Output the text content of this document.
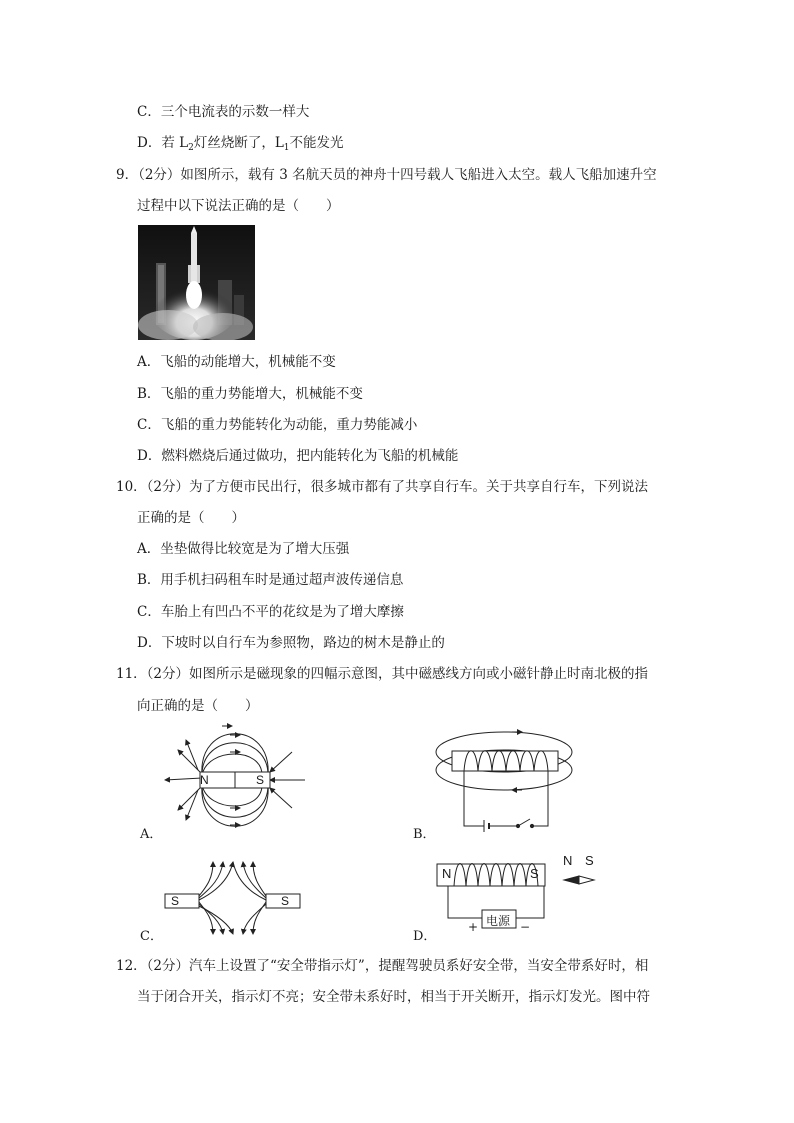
C．三个电流表的示数一样大
D．若 $L_2$灯丝烧断了，$L_1$不能发光
9．（2分）如图所示，载有 3 名航天员的神舟十四号载人飞船进入太空。载人飞船加速升空
过程中以下说法正确的是（　　）
A．飞船的动能增大，机械能不变
B．飞船的重力势能增大，机械能不变
C．飞船的重力势能转化为动能，重力势能减小
D．燃料燃烧后通过做功，把内能转化为飞船的机械能
10．（2分）为了方便市民出行，很多城市都有了共享自行车。关于共享自行车，下列说法
正确的是（　　）
A．坐垫做得比较宽是为了增大压强
B．用手机扫码租车时是通过超声波传递信息
C．车胎上有凹凸不平的花纹是为了增大摩擦
D．下坡时以自行车为参照物，路边的树木是静止的
11．（2分）如图所示是磁现象的四幅示意图，其中磁感线方向或小磁针静止时南北极的指
向正确的是（　　）
N	S
A．	B．
S	S
C．
N	S
N S
电源
+	−
D．
12．（2分）汽车上设置了“安全带指示灯”，提醒驾驶员系好安全带，当安全带系好时，相
当于闭合开关，指示灯不亮；安全带未系好时，相当于开关断开，指示灯发光。图中符
